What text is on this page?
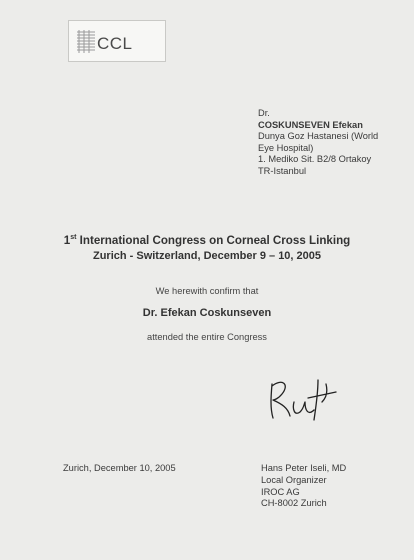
CCL
Dr.
COSKUNSEVEN Efekan
Dunya Goz Hastanesi (World
Eye Hospital)
1. Mediko Sit. B2/8 Ortakoy
TR-Istanbul
1st International Congress on Corneal Cross Linking
Zurich - Switzerland, December 9 – 10, 2005
We herewith confirm that
Dr. Efekan Coskunseven
attended the entire Congress
Zurich, December 10, 2005	Hans Peter Iseli, MD
Local Organizer
IROC AG
CH-8002 Zurich
